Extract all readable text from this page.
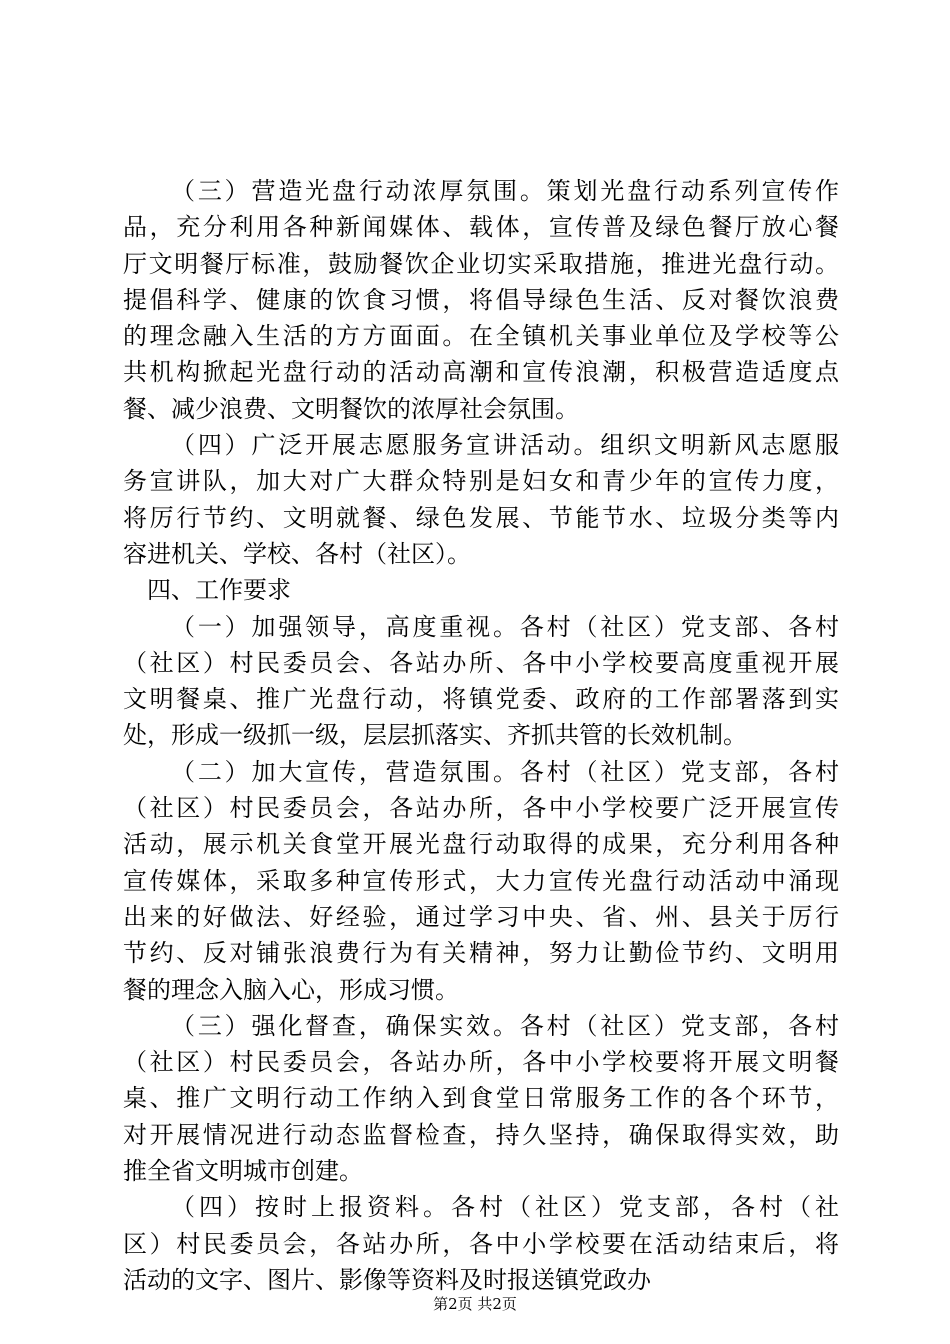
（三）营造光盘行动浓厚氛围。策划光盘行动系列宣传作
品，充分利用各种新闻媒体、载体，宣传普及绿色餐厅放心餐
厅文明餐厅标准，鼓励餐饮企业切实采取措施，推进光盘行动。
提倡科学、健康的饮食习惯，将倡导绿色生活、反对餐饮浪费
的理念融入生活的方方面面。在全镇机关事业单位及学校等公
共机构掀起光盘行动的活动高潮和宣传浪潮，积极营造适度点
餐、减少浪费、文明餐饮的浓厚社会氛围。
（四）广泛开展志愿服务宣讲活动。组织文明新风志愿服
务宣讲队，加大对广大群众特别是妇女和青少年的宣传力度，
将厉行节约、文明就餐、绿色发展、节能节水、垃圾分类等内
容进机关、学校、各村（社区）。
四、工作要求
（一）加强领导，高度重视。各村（社区）党支部、各村
（社区）村民委员会、各站办所、各中小学校要高度重视开展
文明餐桌、推广光盘行动，将镇党委、政府的工作部署落到实
处，形成一级抓一级，层层抓落实、齐抓共管的长效机制。
（二）加大宣传，营造氛围。各村（社区）党支部，各村
（社区）村民委员会，各站办所，各中小学校要广泛开展宣传
活动，展示机关食堂开展光盘行动取得的成果，充分利用各种
宣传媒体，采取多种宣传形式，大力宣传光盘行动活动中涌现
出来的好做法、好经验，通过学习中央、省、州、县关于厉行
节约、反对铺张浪费行为有关精神，努力让勤俭节约、文明用
餐的理念入脑入心，形成习惯。
（三）强化督查，确保实效。各村（社区）党支部，各村
（社区）村民委员会，各站办所，各中小学校要将开展文明餐
桌、推广文明行动工作纳入到食堂日常服务工作的各个环节，
对开展情况进行动态监督检查，持久坚持，确保取得实效，助
推全省文明城市创建。
（四）按时上报资料。各村（社区）党支部，各村（社
区）村民委员会，各站办所，各中小学校要在活动结束后，将
活动的文字、图片、影像等资料及时报送镇党政办
第2页 共2页
